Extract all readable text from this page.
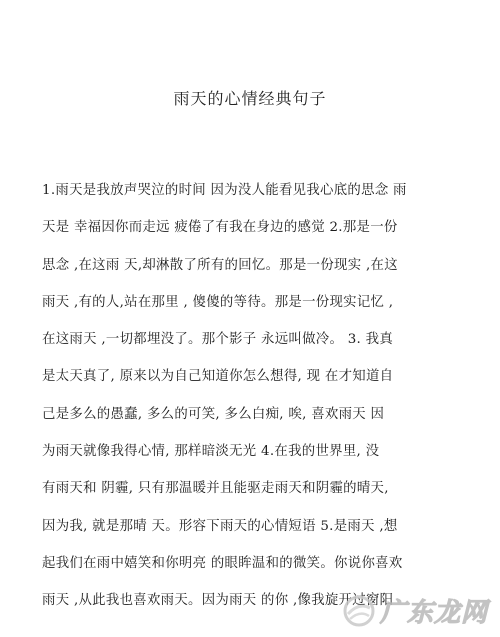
雨天的心情经典句子
1.雨天是我放声哭泣的时间 因为没人能看见我心底的思念 雨
天是 幸福因你而走远 疲倦了有我在身边的感觉 2.那是一份
思念 ,在这雨 天,却淋散了所有的回忆。那是一份现实 ,在这
雨天 ,有的人,站在那里 , 傻傻的等待。那是一份现实记忆 ,
在这雨天 ,一切都埋没了。那个影子 永远叫做冷。 3. 我真
是太天真了, 原来以为自己知道你怎么想得, 现 在才知道自
己是多么的愚蠢, 多么的可笑, 多么白痴, 唉, 喜欢雨天 因
为雨天就像我得心情, 那样暗淡无光 4.在我的世界里, 没
有雨天和 阴霾, 只有那温暖并且能驱走雨天和阴霾的晴天,
因为我, 就是那晴 天。形容下雨天的心情短语 5.是雨天 ,想
起我们在雨中嬉笑和你明亮 的眼眸温和的微笑。你说你喜欢
雨天 ,从此我也喜欢雨天。因为雨天 的你 ,像我旋开过窗阳
广东龙网
